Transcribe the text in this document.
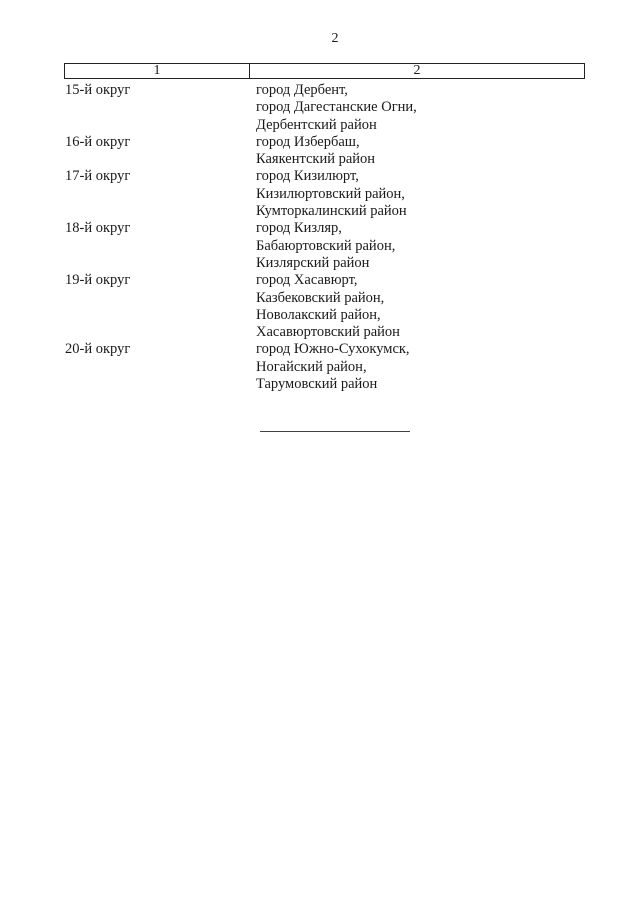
2
1	2
15-й округ	город Дербент,
город Дагестанские Огни,
Дербентский район
16-й округ	город Избербаш,
Каякентский район
17-й округ	город Кизилюрт,
Кизилюртовский район,
Кумторкалинский район
18-й округ	город Кизляр,
Бабаюртовский район,
Кизлярский район
19-й округ	город Хасавюрт,
Казбековский район,
Новолакский район,
Хасавюртовский район
20-й округ	город Южно-Сухокумск,
Ногайский район,
Тарумовский район
